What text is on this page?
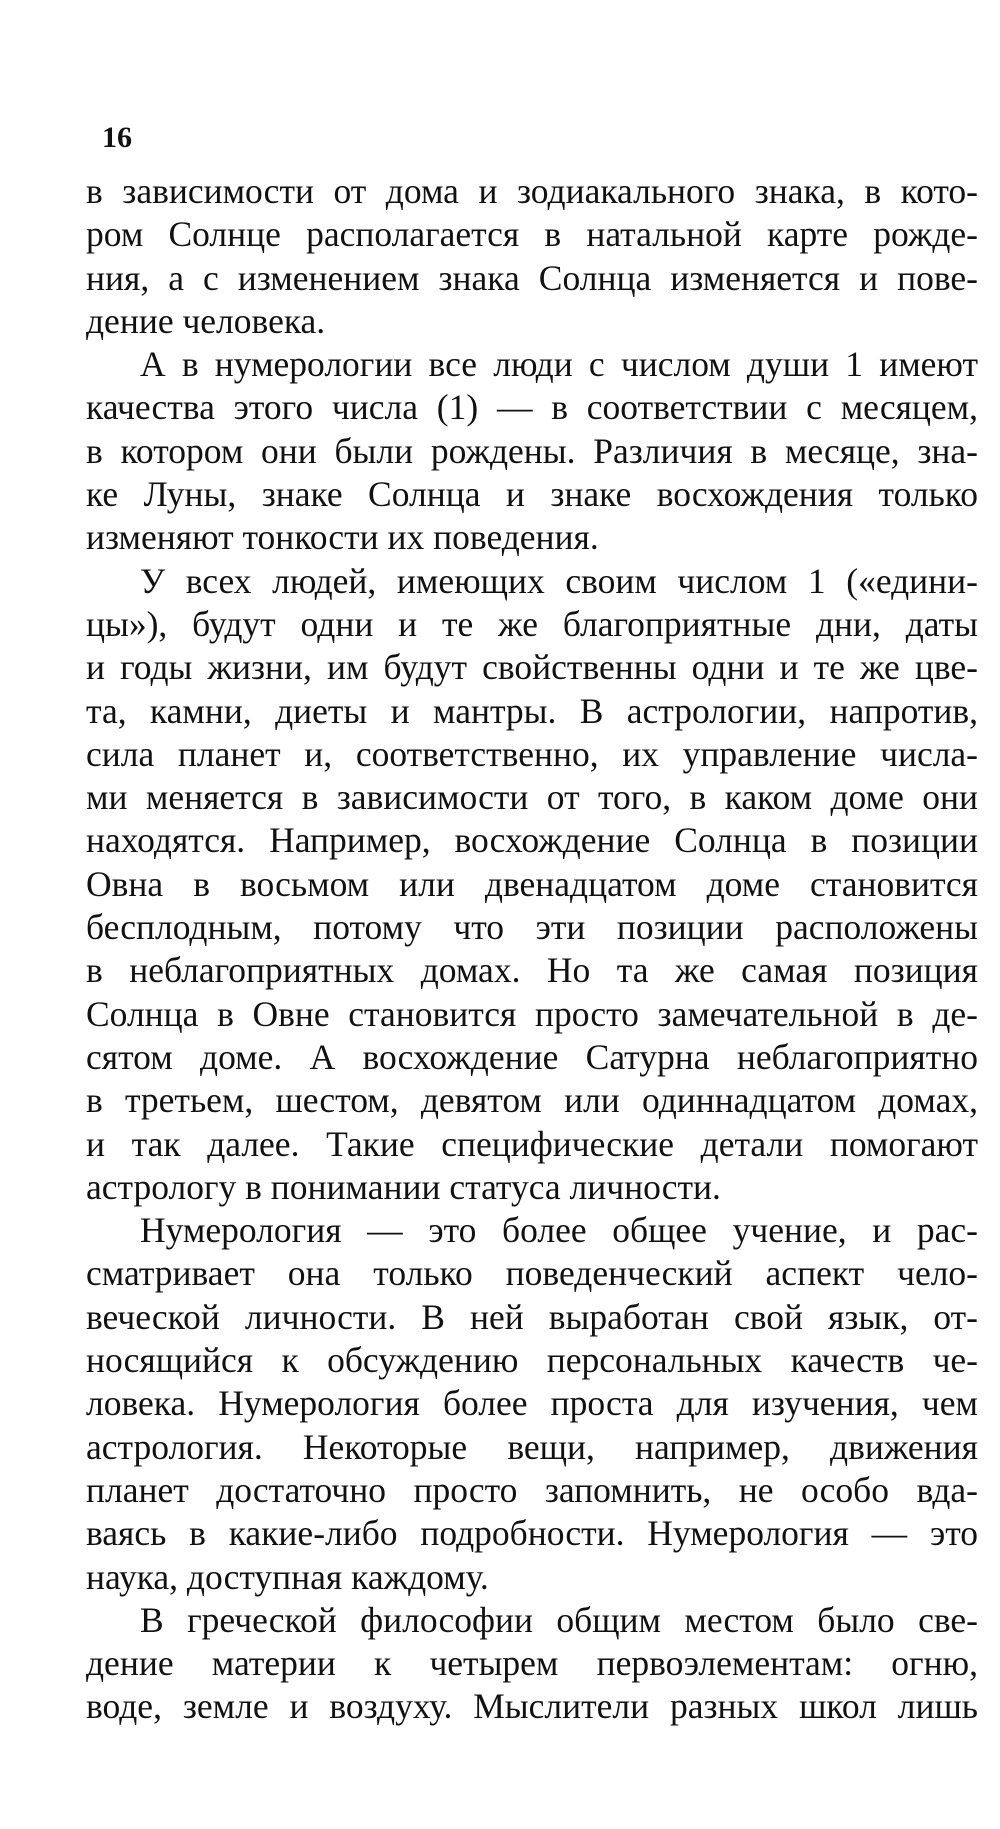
16

в зависимости от дома и зодиакального знака, в кото-
ром Солнце располагается в натальной карте рожде-
ния, а с изменением знака Солнца изменяется и пове-
дение человека.

А в нумерологии все люди с числом души 1 имеют
качества этого числа (1) — в соответствии с месяцем,
в котором они были рождены. Различия в месяце, зна-
ке Луны, знаке Солнца и знаке восхождения только
изменяют тонкости их поведения.

У всех людей, имеющих своим числом 1 («едини-
цы»), будут одни и те же благоприятные дни, даты
и годы жизни, им будут свойственны одни и те же цве-
та, камни, диеты и мантры. В астрологии, напротив,
сила планет и, соответственно, их управление числа-
ми меняется в зависимости от того, в каком доме они
находятся. Например, восхождение Солнца в позиции
Овна в восьмом или двенадцатом доме становится
бесплодным, потому что эти позиции расположены
в неблагоприятных домах. Но та же самая позиция
Солнца в Овне становится просто замечательной в де-
сятом доме. А восхождение Сатурна неблагоприятно
в третьем, шестом, девятом или одиннадцатом домах,
и так далее. Такие специфические детали помогают
астрологу в понимании статуса личности.

Нумерология — это более общее учение, и рас-
сматривает она только поведенческий аспект чело-
веческой личности. В ней выработан свой язык, от-
носящийся к обсуждению персональных качеств че-
ловека. Нумерология более проста для изучения, чем
астрология. Некоторые вещи, например, движения
планет достаточно просто запомнить, не особо вда-
ваясь в какие-либо подробности. Нумерология — это
наука, доступная каждому.

В греческой философии общим местом было све-
дение материи к четырем первоэлементам: огню,
воде, земле и воздуху. Мыслители разных школ лишь
